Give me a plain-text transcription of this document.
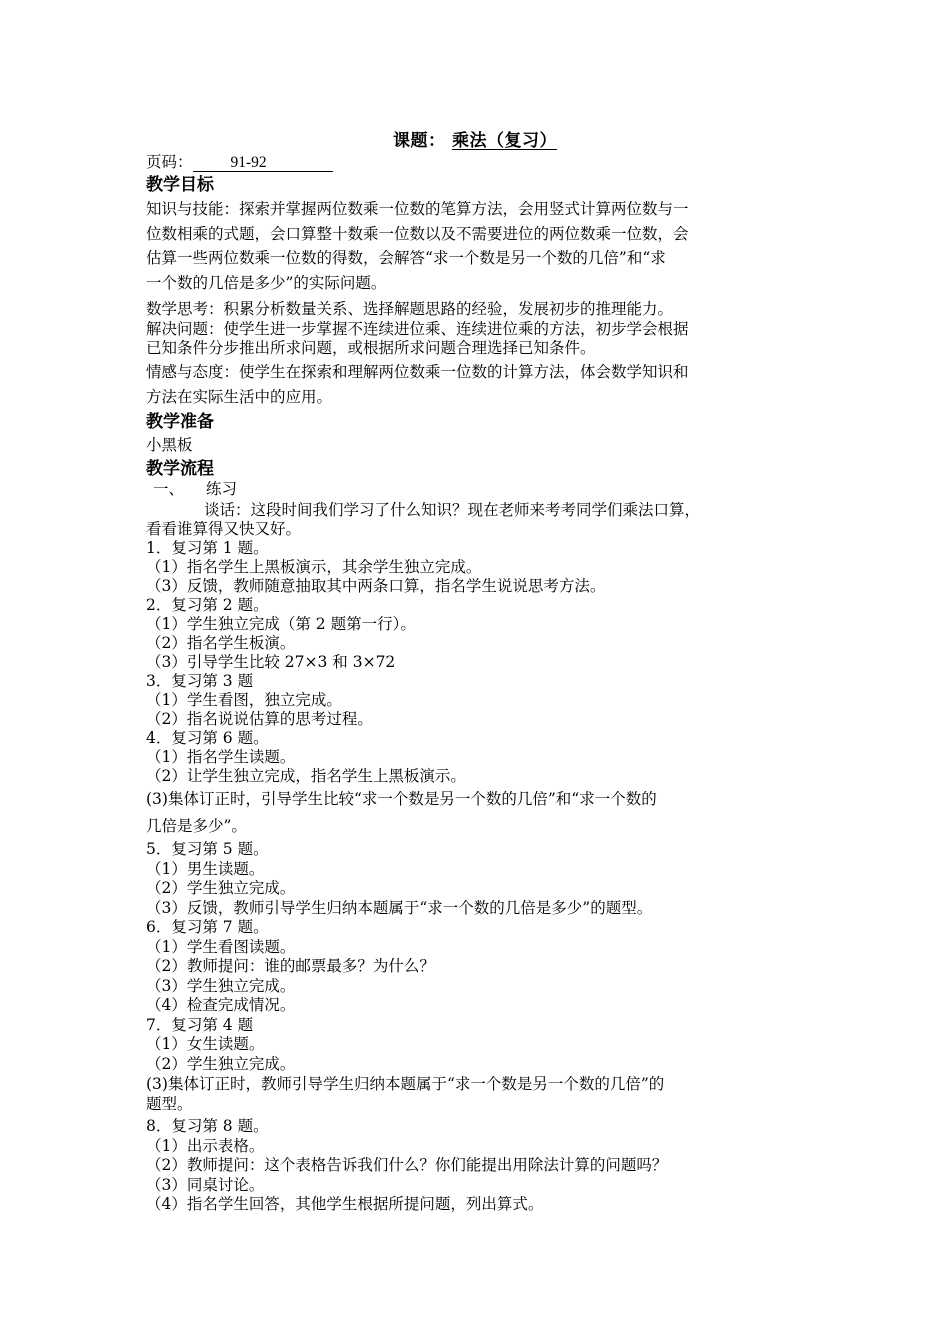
课题： 乘法（复习）
页码： 91-92
教学目标
知识与技能：探索并掌握两位数乘一位数的笔算方法，会用竖式计算两位数与一
位数相乘的式题，会口算整十数乘一位数以及不需要进位的两位数乘一位数，会
估算一些两位数乘一位数的得数，会解答“求一个数是另一个数的几倍”和“求
一个数的几倍是多少”的实际问题。
数学思考：积累分析数量关系、选择解题思路的经验，发展初步的推理能力。
解决问题：使学生进一步掌握不连续进位乘、连续进位乘的方法，初步学会根据
已知条件分步推出所求问题，或根据所求问题合理选择已知条件。
情感与态度：使学生在探索和理解两位数乘一位数的计算方法，体会数学知识和
方法在实际生活中的应用。
教学准备
小黑板
教学流程
一、 练习
谈话：这段时间我们学习了什么知识？现在老师来考考同学们乘法口算，
看看谁算得又快又好。
1．复习第 1 题。
（1）指名学生上黑板演示，其余学生独立完成。
（3）反馈，教师随意抽取其中两条口算，指名学生说说思考方法。
2．复习第 2 题。
（1）学生独立完成（第 2 题第一行）。
（2）指名学生板演。
（3）引导学生比较 27×3 和 3×72
3．复习第 3 题
（1）学生看图，独立完成。
（2）指名说说估算的思考过程。
4．复习第 6 题。
（1）指名学生读题。
（2）让学生独立完成，指名学生上黑板演示。
(3)集体订正时，引导学生比较“求一个数是另一个数的几倍”和“求一个数的
几倍是多少”。
5．复习第 5 题。
（1）男生读题。
（2）学生独立完成。
（3）反馈，教师引导学生归纳本题属于“求一个数的几倍是多少”的题型。
6．复习第 7 题。
（1）学生看图读题。
（2）教师提问：谁的邮票最多？为什么？
（3）学生独立完成。
（4）检查完成情况。
7．复习第 4 题
（1）女生读题。
（2）学生独立完成。
(3)集体订正时，教师引导学生归纳本题属于“求一个数是另一个数的几倍”的
题型。
8．复习第 8 题。
（1）出示表格。
（2）教师提问：这个表格告诉我们什么？你们能提出用除法计算的问题吗？
（3）同桌讨论。
（4）指名学生回答，其他学生根据所提问题，列出算式。
